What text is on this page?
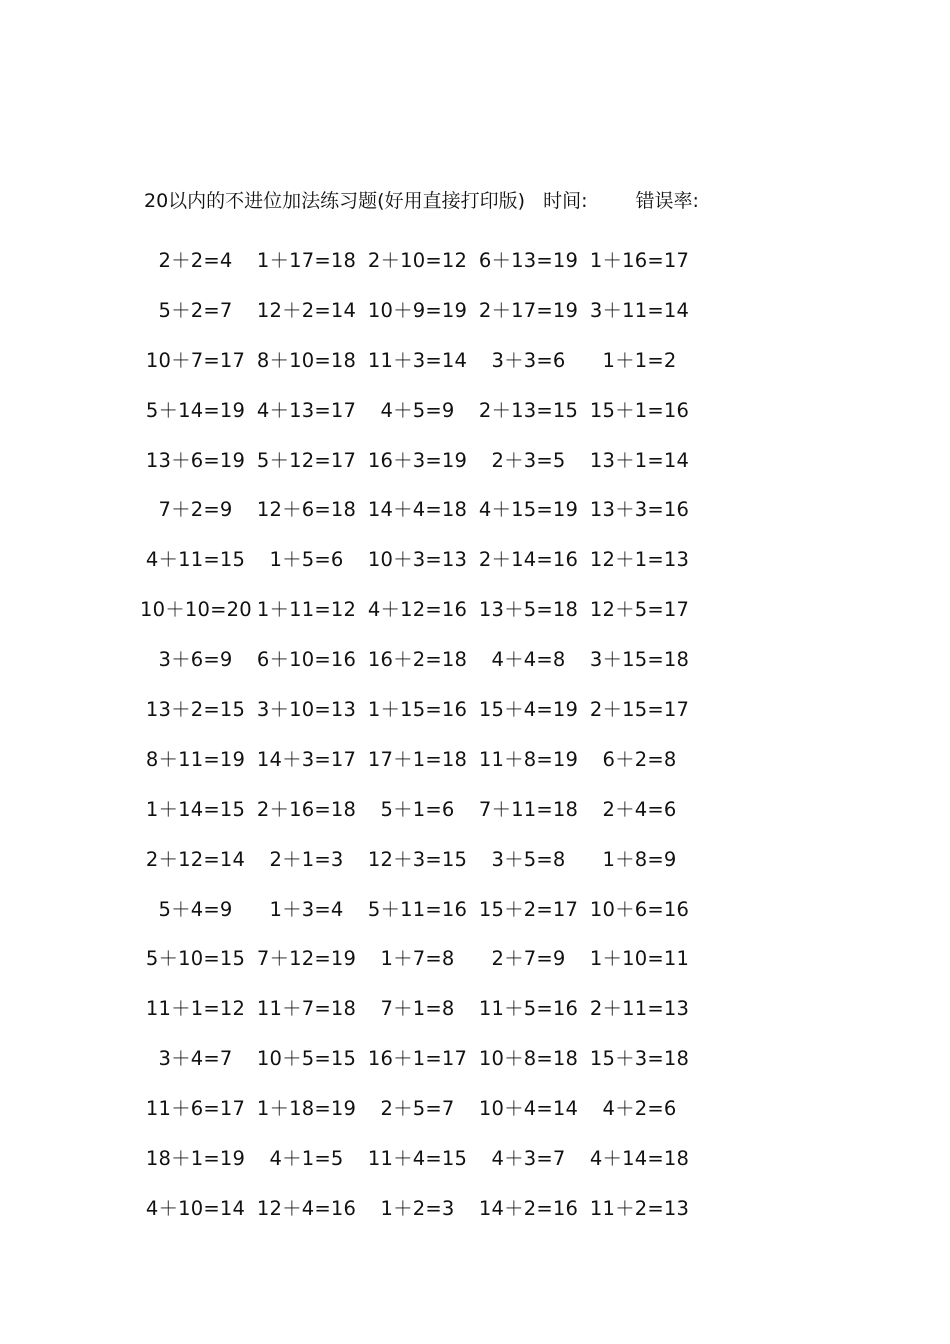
20以内的不进位加法练习题(好用直接打印版) 时间:	错误率:
2＋2=4	1＋17=18 2＋10=12 6＋13=19 1＋16=17
5＋2=7	12＋2=14 10＋9=19 2＋17=19 3＋11=14
10＋7=17 8＋10=18 11＋3=14	3＋3=6	1＋1=2
5＋14=19 4＋13=17	4＋5=9	2＋13=15 15＋1=16
13＋6=19 5＋12=17 16＋3=19	2＋3=5	13＋1=14
7＋2=9	12＋6=18 14＋4=18 4＋15=19 13＋3=16
4＋11=15	1＋5=6	10＋3=13 2＋14=16 12＋1=13
10＋10=20 1＋11=12 4＋12=16 13＋5=18 12＋5=17
3＋6=9	6＋10=16 16＋2=18	4＋4=8	3＋15=18
13＋2=15 3＋10=13 1＋15=16 15＋4=19 2＋15=17
8＋11=19 14＋3=17 17＋1=18 11＋8=19	6＋2=8
1＋14=15 2＋16=18	5＋1=6	7＋11=18	2＋4=6
2＋12=14	2＋1=3	12＋3=15	3＋5=8	1＋8=9
5＋4=9	1＋3=4	5＋11=16 15＋2=17 10＋6=16
5＋10=15 7＋12=19	1＋7=8	2＋7=9	1＋10=11
11＋1=12 11＋7=18	7＋1=8	11＋5=16 2＋11=13
3＋4=7	10＋5=15 16＋1=17 10＋8=18 15＋3=18
11＋6=17 1＋18=19	2＋5=7	10＋4=14	4＋2=6
18＋1=19	4＋1=5	11＋4=15	4＋3=7	4＋14=18
4＋10=14 12＋4=16	1＋2=3	14＋2=16 11＋2=13
